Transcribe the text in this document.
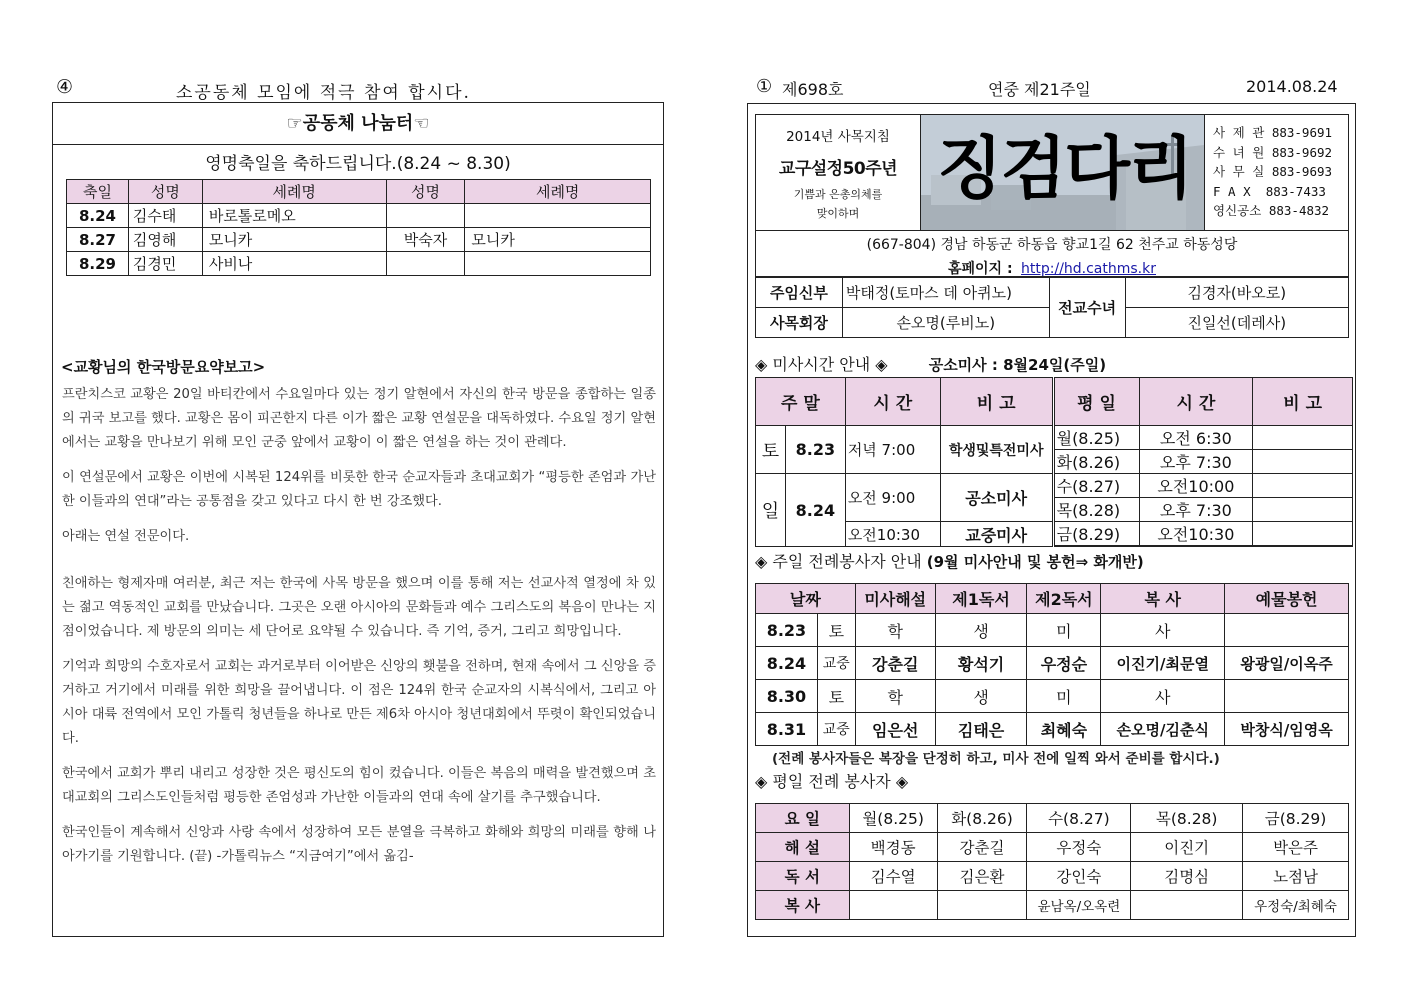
④	소공동체 모임에 적극 참여 합시다.
☞공동체 나눔터☜
영명축일을 축하드립니다.(8.24 ~ 8.30)
축일	성명	세례명	성명	세례명
8.24	김수태	바로톨로메오		
8.27	김영해	모니카	박숙자	모니카
8.29	김경민	사비나		
<교황님의 한국방문요약보고>

프란치스코 교황은 20일 바티칸에서 수요일마다 있는 정기 알현에서 자신의 한국 방문을 종합하는 일종의 귀국 보고를 했다. 교황은 몸이 피곤한지 다른 이가 짧은 교황 연설문을 대독하였다. 수요일 정기 알현에서는 교황을 만나보기 위해 모인 군중 앞에서 교황이 이 짧은 연설을 하는 것이 관례다.

이 연설문에서 교황은 이번에 시복된 124위를 비롯한 한국 순교자들과 초대교회가 “평등한 존엄과 가난한 이들과의 연대”라는 공통점을 갖고 있다고 다시 한 번 강조했다.

아래는 연설 전문이다.

친애하는 형제자매 여러분, 최근 저는 한국에 사목 방문을 했으며 이를 통해 저는 선교사적 열정에 차 있는 젊고 역동적인 교회를 만났습니다. 그곳은 오랜 아시아의 문화들과 예수 그리스도의 복음이 만나는 지점이었습니다. 제 방문의 의미는 세 단어로 요약될 수 있습니다. 즉 기억, 증거, 그리고 희망입니다.

기억과 희망의 수호자로서 교회는 과거로부터 이어받은 신앙의 횃불을 전하며, 현재 속에서 그 신앙을 증거하고 거기에서 미래를 위한 희망을 끌어냅니다. 이 점은 124위 한국 순교자의 시복식에서, 그리고 아시아 대륙 전역에서 모인 가톨릭 청년들을 하나로 만든 제6차 아시아 청년대회에서 뚜렷이 확인되었습니다.

한국에서 교회가 뿌리 내리고 성장한 것은 평신도의 힘이 컸습니다. 이들은 복음의 매력을 발견했으며 초대교회의 그리스도인들처럼 평등한 존엄성과 가난한 이들과의 연대 속에 살기를 추구했습니다.

한국인들이 계속해서 신앙과 사랑 속에서 성장하여 모든 분열을 극복하고 화해와 희망의 미래를 향해 나아가기를 기원합니다. (끝) -가톨릭뉴스 “지금여기”에서 옮김-

① 제698호	연중 제21주일	2014.08.24
2014년 사목지침
교구설정50주년
기쁨과 은총의체를
맞이하며
징검다리 사 제 관 883-9691
수 녀 원 883-9692
사 무 실 883-9693
F A X 883-7433
영신공소 883-4832
(667-804) 경남 하동군 하동읍 향교1길 62 천주교 하동성당
홈페이지 : http://hd.cathms.kr
주임신부	박태정(토마스 데 아퀴노)	전교수녀	김경자(바오로)
사목회장	손오명(루비노)		진일선(데레사)
◈ 미사시간 안내 ◈	공소미사 : 8월24일(주일)
주 말		시 간	비 고	평 일	시 간	비 고
토	8.23	저녁 7:00	학생및특전미사	월(8.25)	오전 6:30	
				화(8.26)	오후 7:30	
일	8.24	오전 9:00	공소미사	수(8.27)	오전10:00	
				목(8.28)	오후 7:30	
		오전10:30	교중미사	금(8.29)	오전10:30	

◈ 주일 전례봉사자 안내 (9월 미사안내 및 봉헌⇒ 화개반)
날짜		미사해설	제1독서	제2독서	복 사	예물봉헌
8.23	토	학	생	미	사	
8.24	교중	강춘길	황석기	우정순	이진기/최문열	왕광일/이옥주
8.30	토	학	생	미	사	
8.31	교중	임은선	김태은	최혜숙	손오명/김춘식	박창식/임영옥
(전례 봉사자들은 복장을 단정히 하고, 미사 전에 일찍 와서 준비를 합시다.)
◈ 평일 전례 봉사자 ◈
요 일	월(8.25)	화(8.26)	수(8.27)	목(8.28)	금(8.29)
해 설	백경동	강춘길	우정숙	이진기	박은주
독 서	김수열	김은환	강인숙	김명심	노점남
복 사			윤남옥/오옥련		우정숙/최혜숙
